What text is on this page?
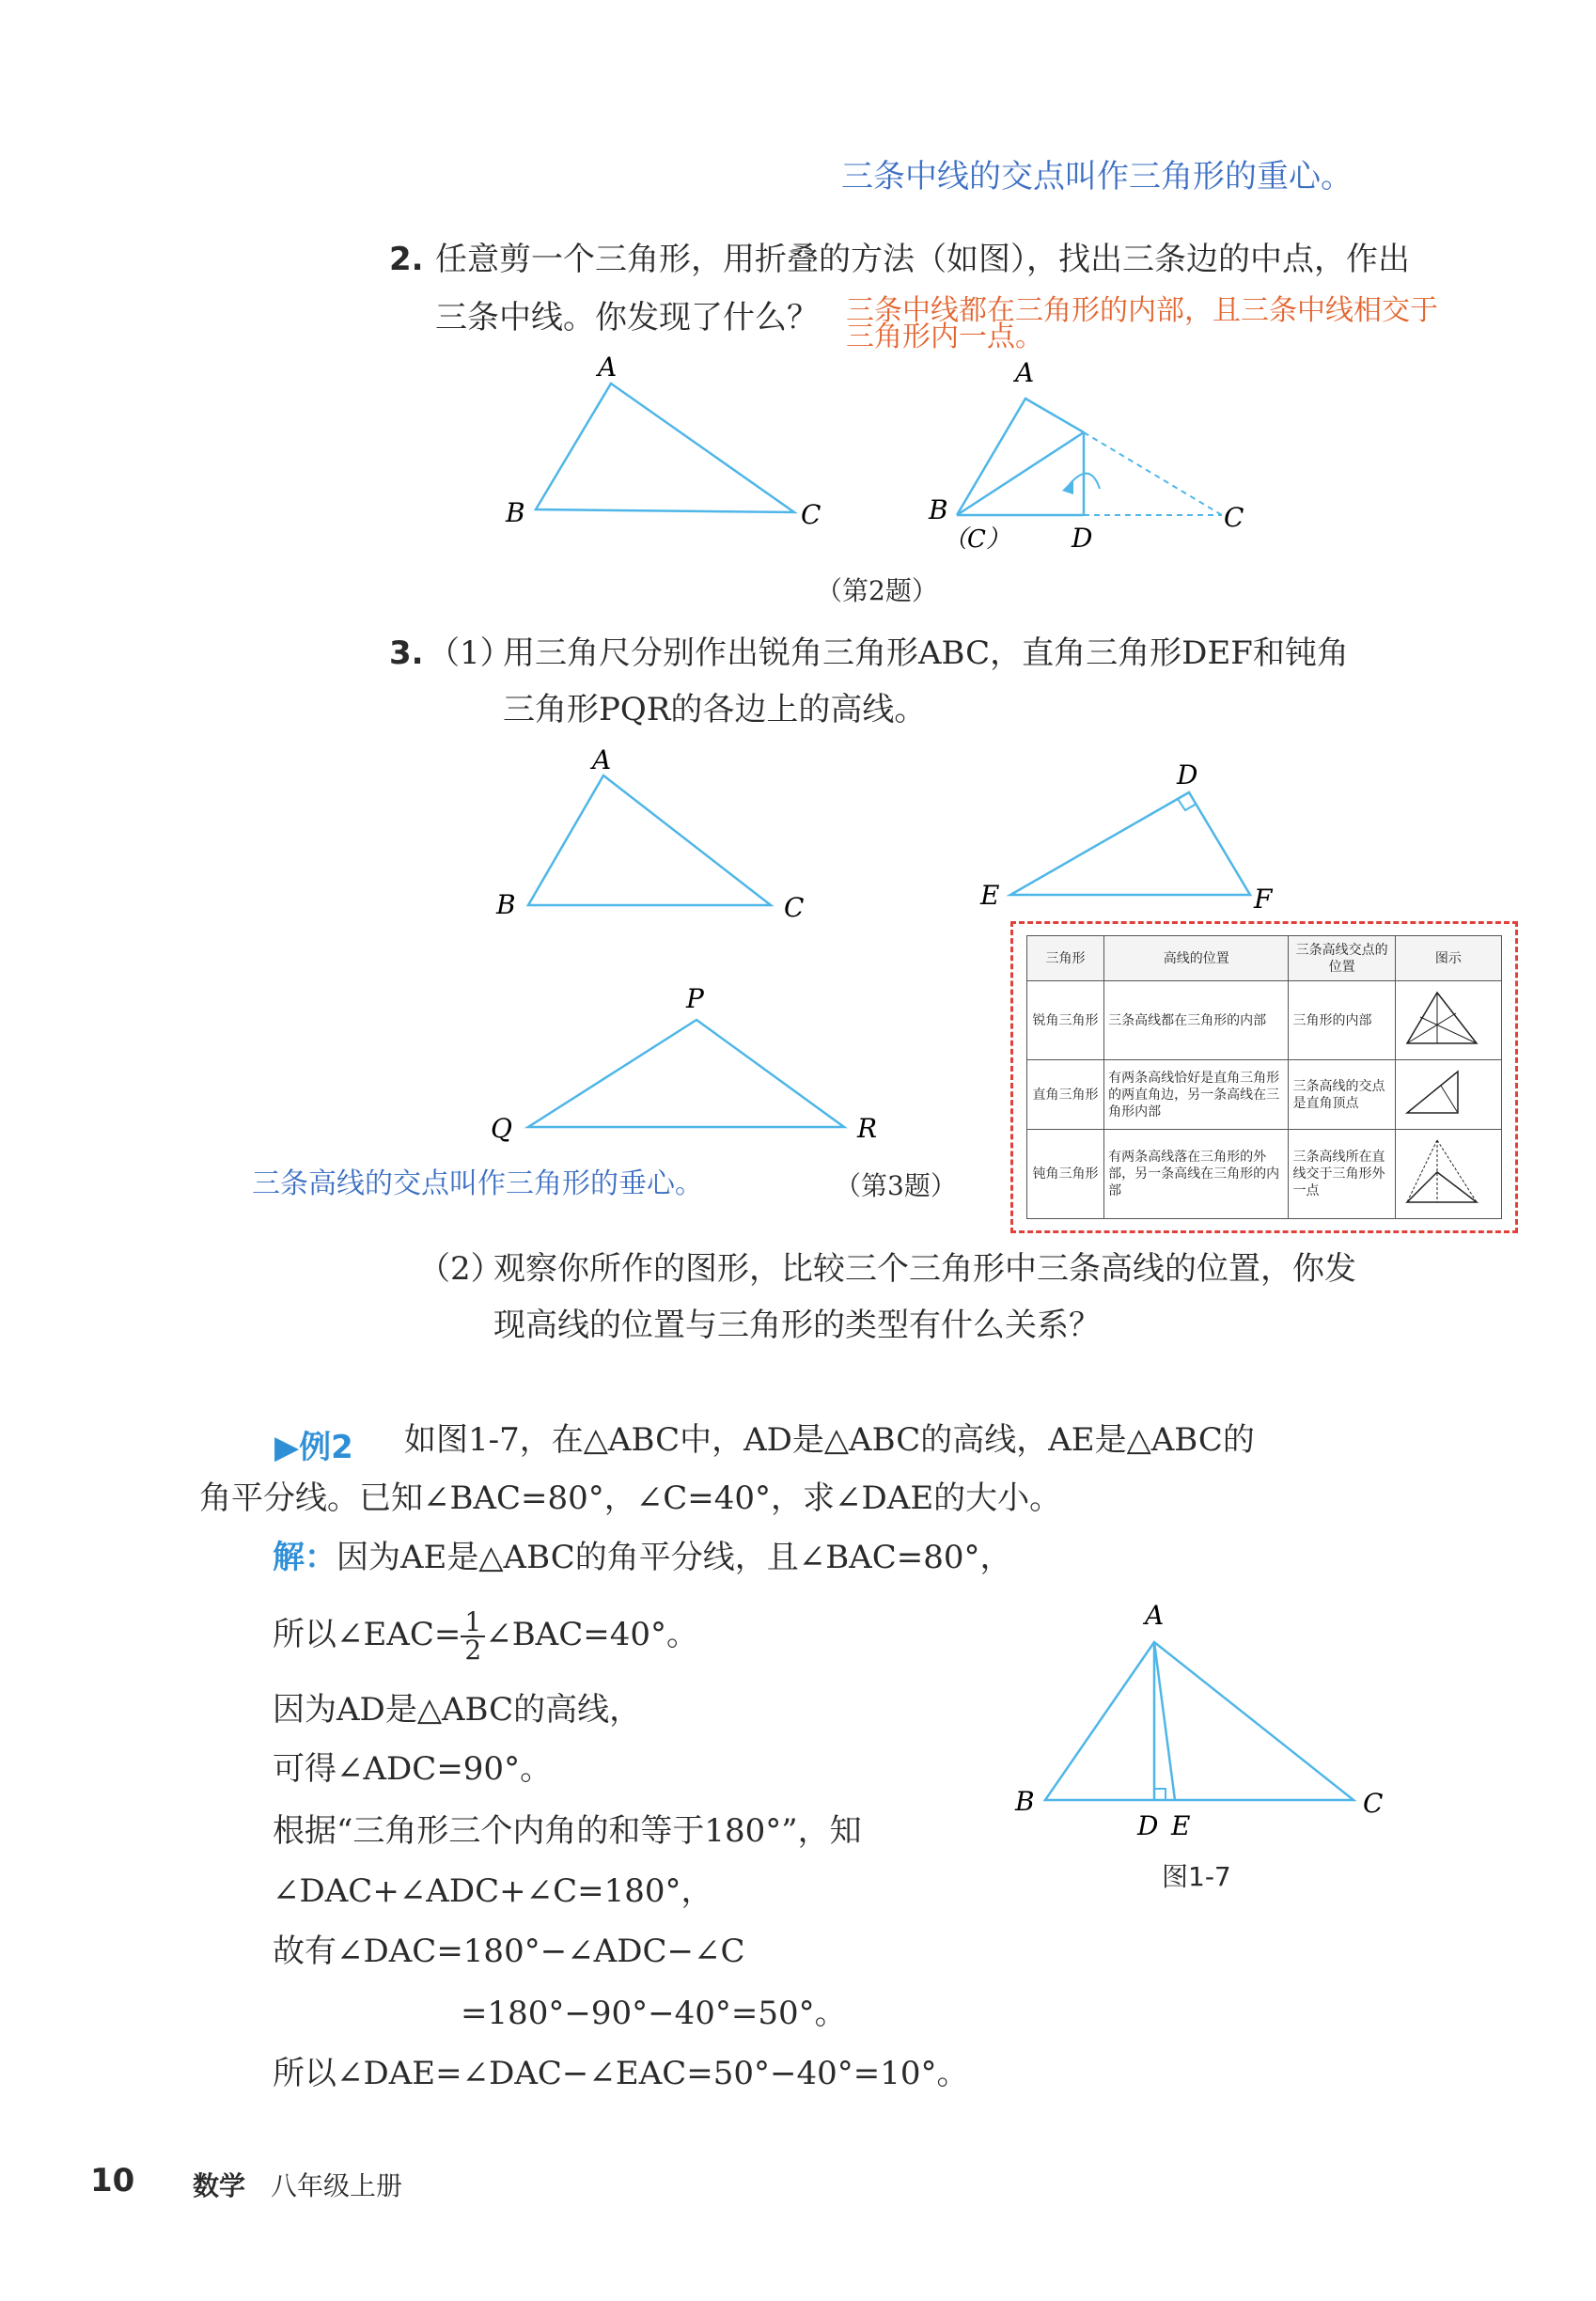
三条中线的交点叫作三角形的重心。
2. 任意剪一个三角形，用折叠的方法（如图），找出三条边的中点，作出
三条中线。你发现了什么？ 三条中线都在三角形的内部，且三条中线相交于
三角形内一点。
A
B	C
A
B
（C） D
C
A
B	C
D
E	F
P
Q	R
A
B	C
D E
（第2题）
3. （1）
用三角尺分别作出锐角三角形ABC，直角三角形DEF和钝角
三角形PQR的各边上的高线。
三条高线的交点叫作三角形的垂心。	（第3题）
三角形	高线的位置	三条高线交点的位置	图示
锐角三角形	三条高线都在三角形的内部	三角形的内部	
直角三角形	有两条高线恰好是直角三角形的两直角边，另一条高线在三角形内部	三条高线的交点是直角顶点	
钝角三角形	有两条高线落在三角形的外部，另一条高线在三角形的内部	三条高线所在直线交于三角形外一点	
（2）
观察你所作的图形，比较三个三角形中三条高线的位置，你发
现高线的位置与三角形的类型有什么关系？
▶例2 如图1-7，在△ABC中，AD是△ABC的高线，AE是△ABC的
角平分线。已知∠BAC=80°，∠C=40°，求∠DAE的大小。
解：因为AE是△ABC的角平分线，且∠BAC=80°，
所以∠EAC= $\frac{1}{2}$ ∠BAC=40°。
因为AD是△ABC的高线，
可得∠ADC=90°。
根据“三角形三个内角的和等于180°”，知
∠DAC+∠ADC+∠C=180°，
故有∠DAC=180°−∠ADC−∠C
=180°−90°−40°=50°。
所以∠DAE=∠DAC−∠EAC=50°−40°=10°。
图1-7
10 数学 八年级上册
